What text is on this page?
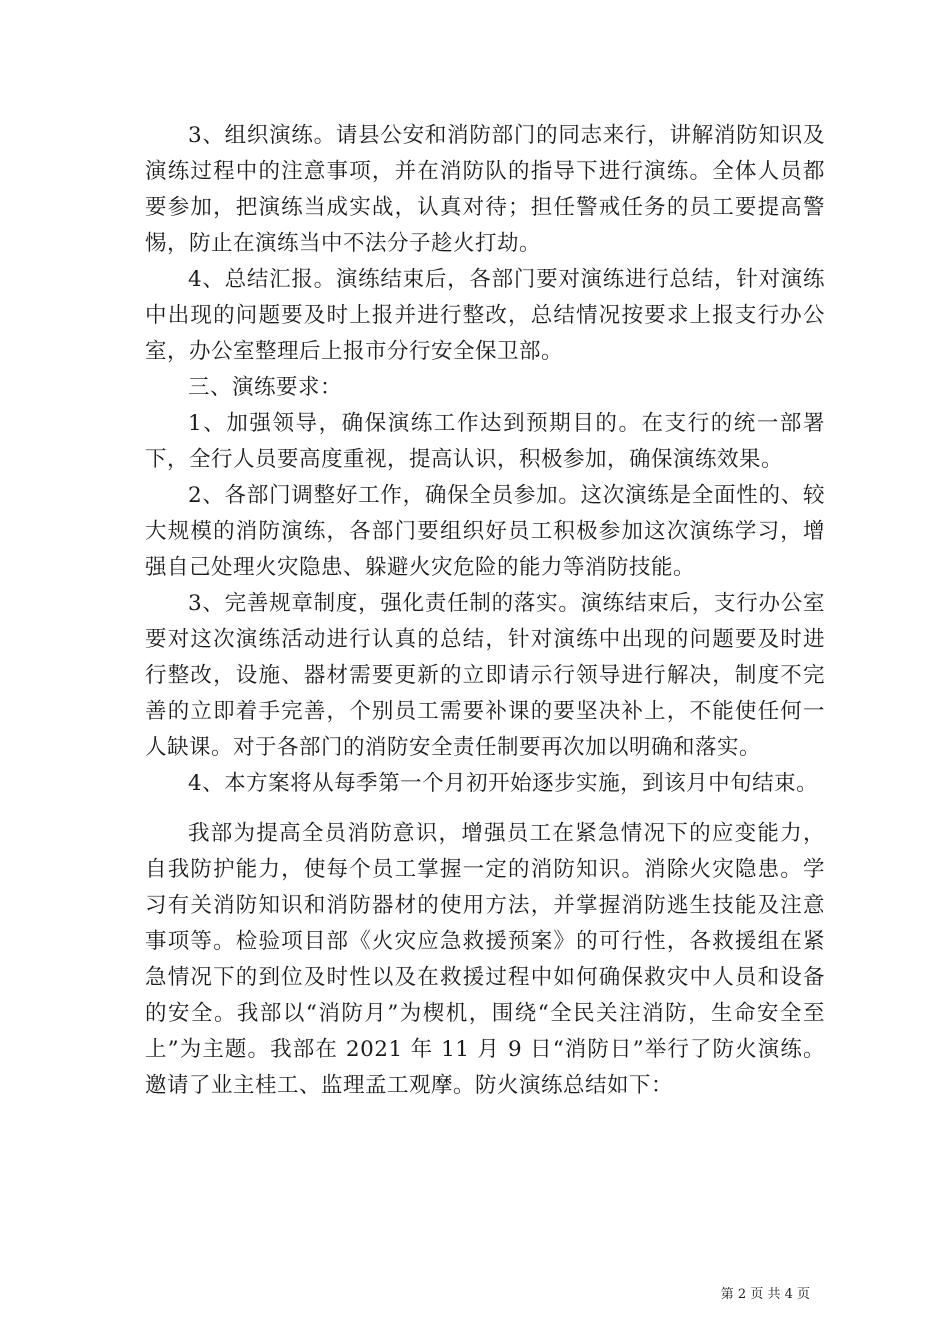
3、组织演练。请县公安和消防部门的同志来行，讲解消防知识及演练过程中的注意事项，并在消防队的指导下进行演练。全体人员都要参加，把演练当成实战，认真对待；担任警戒任务的员工要提高警惕，防止在演练当中不法分子趁火打劫。

4、总结汇报。演练结束后，各部门要对演练进行总结，针对演练中出现的问题要及时上报并进行整改，总结情况按要求上报支行办公室，办公室整理后上报市分行安全保卫部。

三、演练要求：

1、加强领导，确保演练工作达到预期目的。在支行的统一部署下，全行人员要高度重视，提高认识，积极参加，确保演练效果。

2、各部门调整好工作，确保全员参加。这次演练是全面性的、较大规模的消防演练，各部门要组织好员工积极参加这次演练学习，增强自己处理火灾隐患、躲避火灾危险的能力等消防技能。

3、完善规章制度，强化责任制的落实。演练结束后，支行办公室要对这次演练活动进行认真的总结，针对演练中出现的问题要及时进行整改，设施、器材需要更新的立即请示行领导进行解决，制度不完善的立即着手完善，个别员工需要补课的要坚决补上，不能使任何一人缺课。对于各部门的消防安全责任制要再次加以明确和落实。

4、本方案将从每季第一个月初开始逐步实施，到该月中旬结束。

我部为提高全员消防意识，增强员工在紧急情况下的应变能力，自我防护能力，使每个员工掌握一定的消防知识。消除火灾隐患。学习有关消防知识和消防器材的使用方法，并掌握消防逃生技能及注意事项等。检验项目部《火灾应急救援预案》的可行性，各救援组在紧急情况下的到位及时性以及在救援过程中如何确保救灾中人员和设备的安全。我部以“消防月”为楔机，围绕“全民关注消防，生命安全至上”为主题。我部在 2021 年 11 月 9 日“消防日”举行了防火演练。邀请了业主桂工、监理孟工观摩。防火演练总结如下：

第 2 页 共 4 页
